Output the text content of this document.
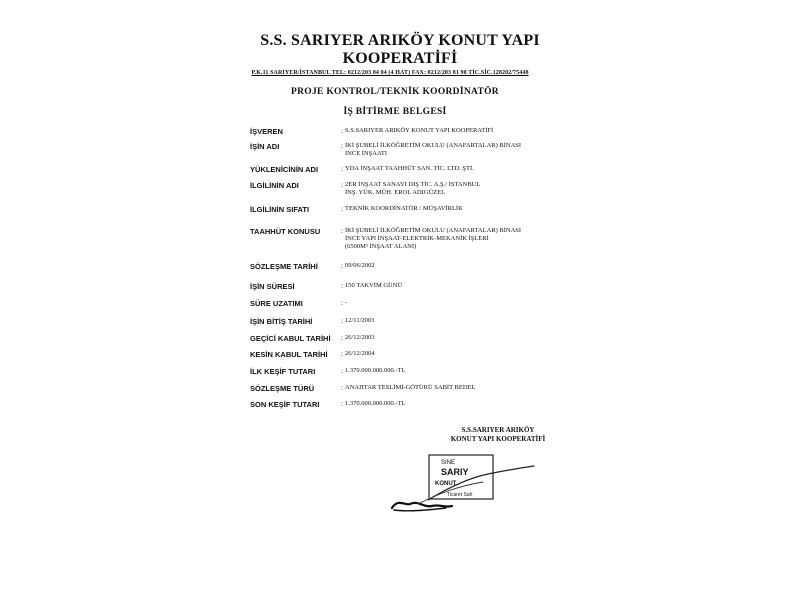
S.S. SARIYER ARIKÖY KONUT YAPI
KOOPERATİFİ
P.K.11 SARIYER/İSTANBUL TEL: 0212/203 04 04 (4 HAT) FAX: 0212/203 81 90 TİC.SİC.128202/75448
PROJE KONTROL/TEKNİK KOORDİNATÖR
İŞ BİTİRME BELGESİ
İŞVEREN	: S.S.SARIYER ARIKÖY KONUT YAPI KOOPERATİFİ
İŞİN ADI	: İKİ ŞUBELİ İLKÖĞRETİM OKULU (ANAFARTALAR) BİNASI
İNCE İNŞAATI
YÜKLENİCİNİN ADI	: YDA İNŞAAT TAAHHÜT SAN. TİC. LTD. ŞTİ.
İLGİLİNİN ADI	: 2ER İNŞAAT SANAYİ DIŞ TİC. A.Ş./ İSTANBUL
İNŞ. YÜK. MÜH. EROL ADIGÜZEL
İLGİLİNİN SIFATI	: TEKNİK KOORDİNATÖR / MÜŞAVİRLİK
TAAHHÜT KONUSU	: İKİ ŞUBELİ İLKÖĞRETİM OKULU (ANAFARTALAR) BİNASI
İNCE YAPI İNŞAAT-ELEKTRİK-MEKANİK İŞLERİ
(6500M² İNŞAAT ALANI)
SÖZLEŞME TARİHİ	: 09/06/2002
İŞİN SÜRESİ	: 150 TAKVİM GÜNÜ
SÜRE UZATIMI	: -
İŞİN BİTİŞ TARİHİ	: 12/11/2003
GEÇİCİ KABUL TARİHİ : 26/12/2003
KESİN KABUL TARİHİ : 26/12/2004
İLK KEŞİF TUTARI	: 1.370.000.000.000.-TL
SÖZLEŞME TÜRÜ	: ANAHTAR TESLİMİ-GÖTÜRÜ SABİT BEDEL
SON KEŞİF TUTARI	: 1.370.000.000.000.-TL
S.S.SARIYER ARIKÖY
KONUT YAPI KOOPERATİFİ
SINE
SARIY
KONUT
Ticaret Sah
